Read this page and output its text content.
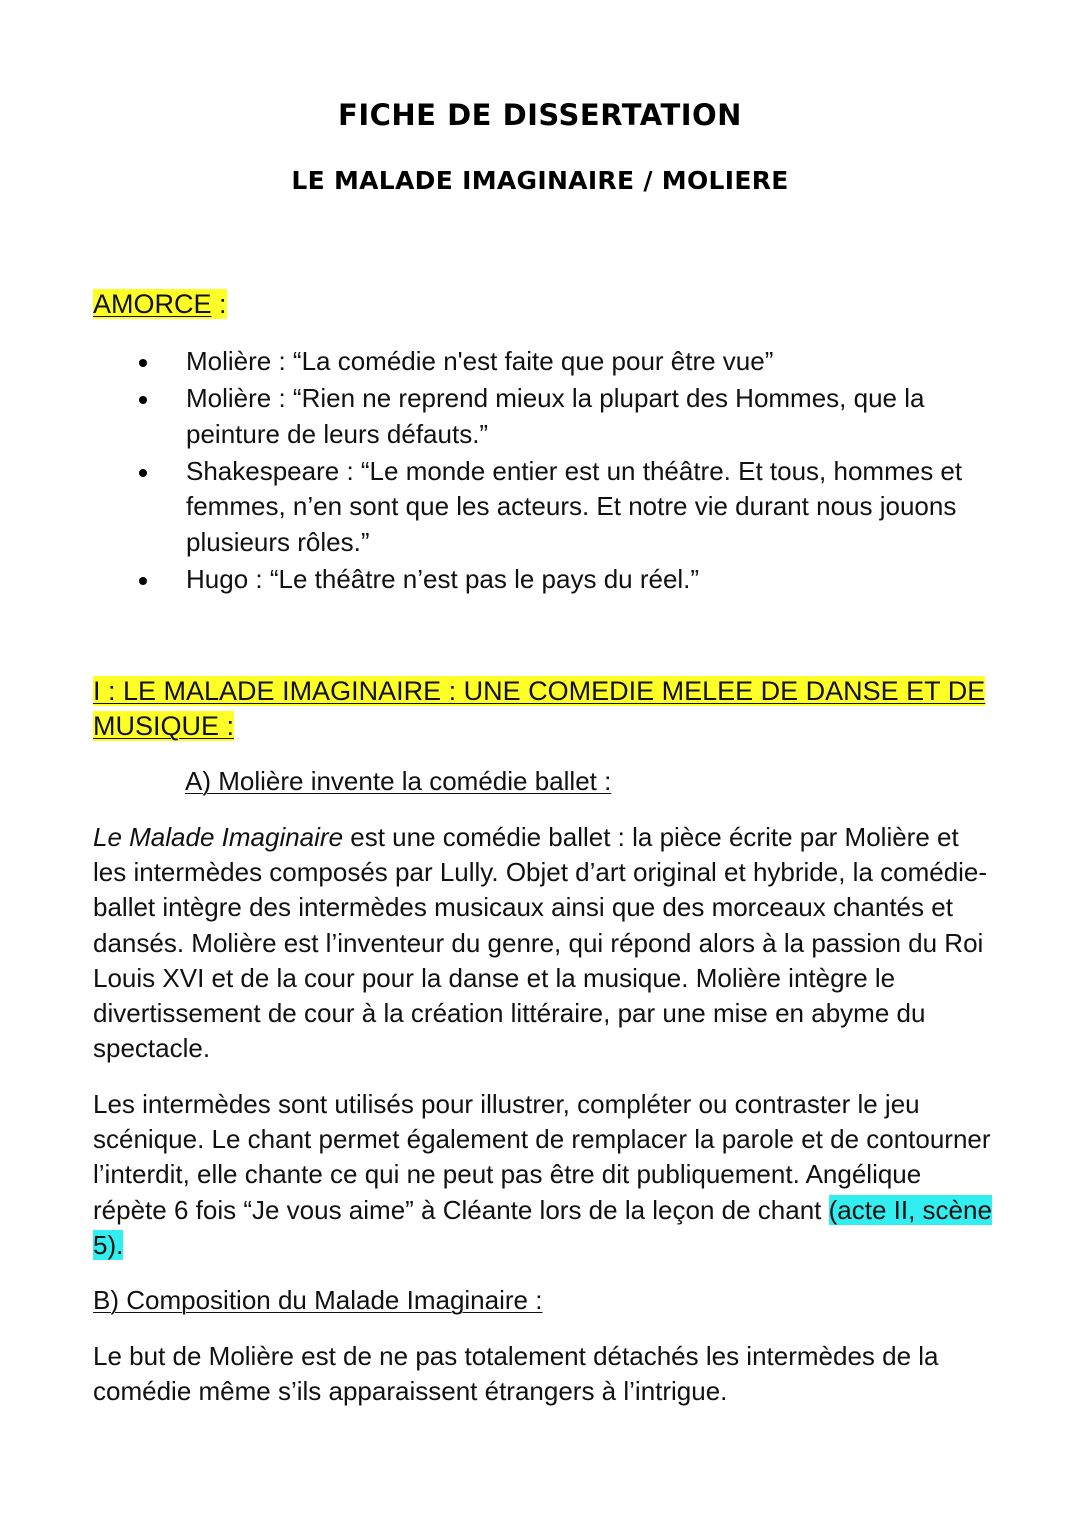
FICHE DE DISSERTATION
LE MALADE IMAGINAIRE / MOLIERE
AMORCE :
Molière : “La comédie n'est faite que pour être vue”
Molière : “Rien ne reprend mieux la plupart des Hommes, que la peinture de leurs défauts.”
Shakespeare : “Le monde entier est un théâtre. Et tous, hommes et femmes, n’en sont que les acteurs. Et notre vie durant nous jouons plusieurs rôles.”
Hugo : “Le théâtre n’est pas le pays du réel.”
I : LE MALADE IMAGINAIRE : UNE COMEDIE MELEE DE DANSE ET DE MUSIQUE :
A) Molière invente la comédie ballet :

Le Malade Imaginaire est une comédie ballet : la pièce écrite par Molière et les intermèdes composés par Lully. Objet d’art original et hybride, la comédie-ballet intègre des intermèdes musicaux ainsi que des morceaux chantés et dansés. Molière est l’inventeur du genre, qui répond alors à la passion du Roi Louis XVI et de la cour pour la danse et la musique. Molière intègre le divertissement de cour à la création littéraire, par une mise en abyme du spectacle.

Les intermèdes sont utilisés pour illustrer, compléter ou contraster le jeu scénique. Le chant permet également de remplacer la parole et de contourner l’interdit, elle chante ce qui ne peut pas être dit publiquement. Angélique répète 6 fois “Je vous aime” à Cléante lors de la leçon de chant (acte II, scène 5).

B) Composition du Malade Imaginaire :

Le but de Molière est de ne pas totalement détachés les intermèdes de la comédie même s’ils apparaissent étrangers à l’intrigue.
